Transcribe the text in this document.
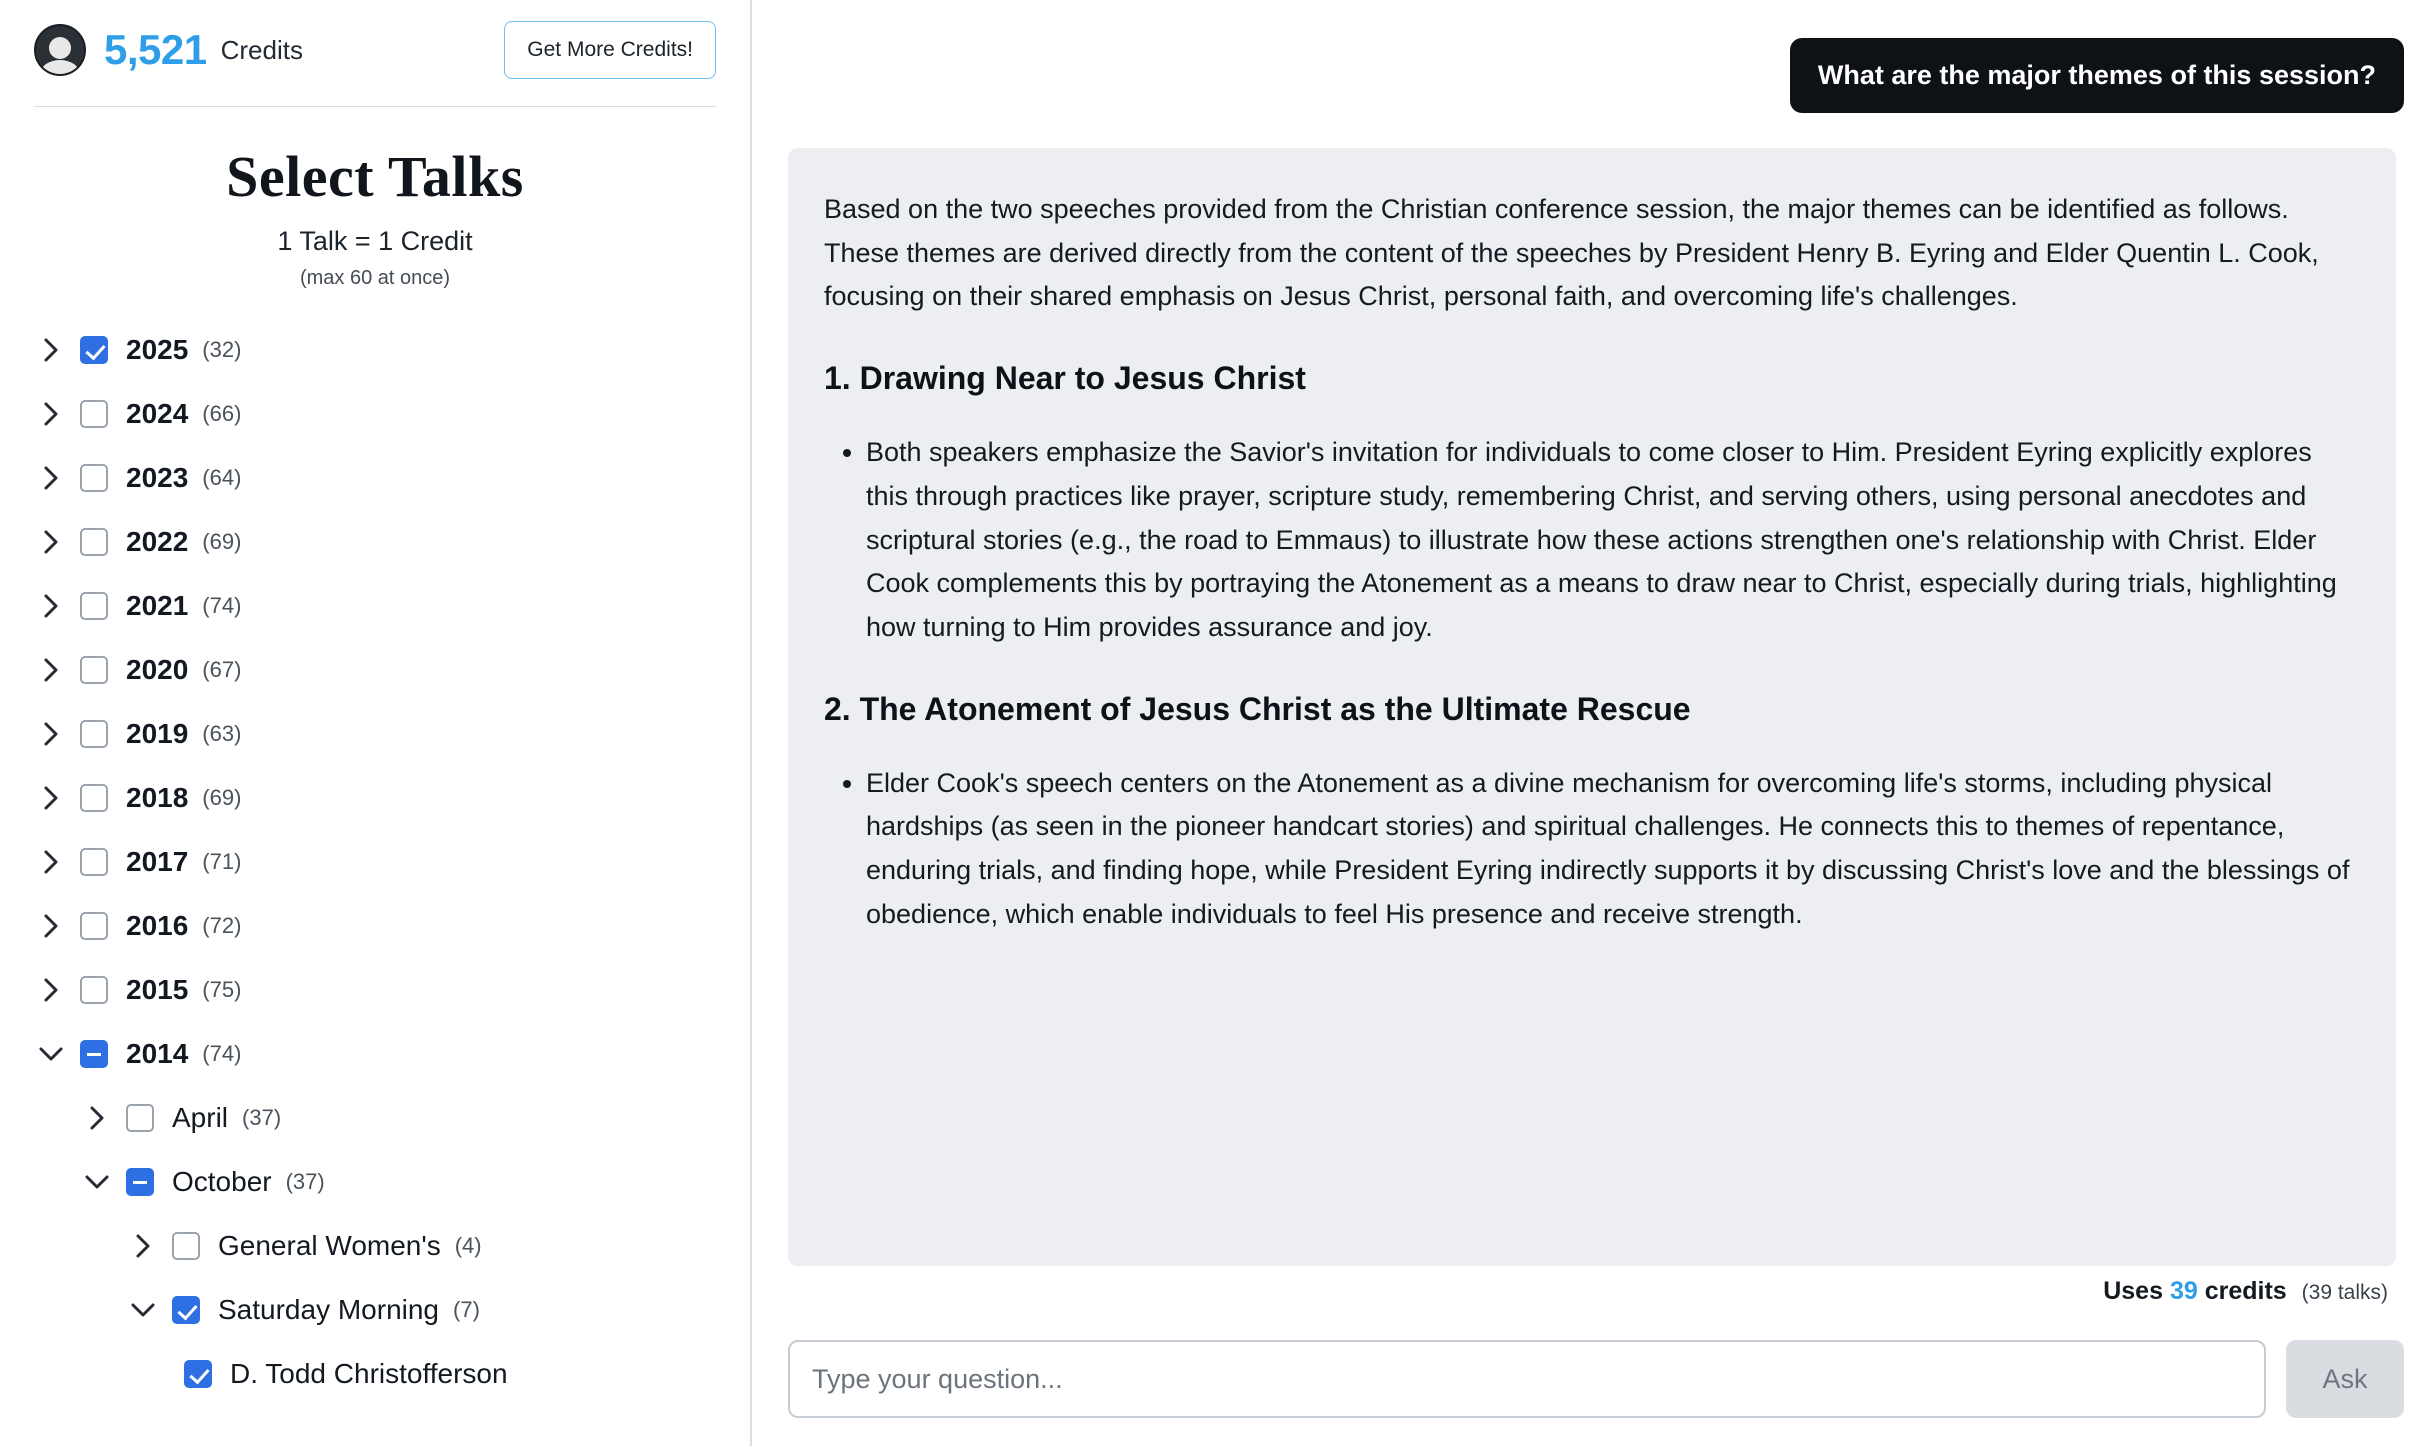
5,521 Credits	Get More Credits!
Select Talks
1 Talk = 1 Credit
(max 60 at once)
2025 (32)
2024 (66)
2023 (64)
2022 (69)
2021 (74)
2020 (67)
2019 (63)
2018 (69)
2017 (71)
2016 (72)
2015 (75)
2014 (74)
April (37)
October (37)
General Women's (4)
Saturday Morning (7)
D. Todd Christofferson
What are the major themes of this session?

Based on the two speeches provided from the Christian conference session, the major themes can be identified as follows. These themes are derived directly from the content of the speeches by President Henry B. Eyring and Elder Quentin L. Cook, focusing on their shared emphasis on Jesus Christ, personal faith, and overcoming life's challenges.

1. Drawing Near to Jesus Christ
• Both speakers emphasize the Savior's invitation for individuals to come closer to Him. President Eyring explicitly explores this through practices like prayer, scripture study, remembering Christ, and serving others, using personal anecdotes and scriptural stories (e.g., the road to Emmaus) to illustrate how these actions strengthen one's relationship with Christ. Elder Cook complements this by portraying the Atonement as a means to draw near to Christ, especially during trials, highlighting how turning to Him provides assurance and joy.
2. The Atonement of Jesus Christ as the Ultimate Rescue
• Elder Cook's speech centers on the Atonement as a divine mechanism for overcoming life's storms, including physical hardships (as seen in the pioneer handcart stories) and spiritual challenges. He connects this to themes of repentance, enduring trials, and finding hope, while President Eyring indirectly supports it by discussing Christ's love and the blessings of obedience, which enable individuals to feel His presence and receive strength.
Uses 39 credits (39 talks)
Type your question...
Ask
